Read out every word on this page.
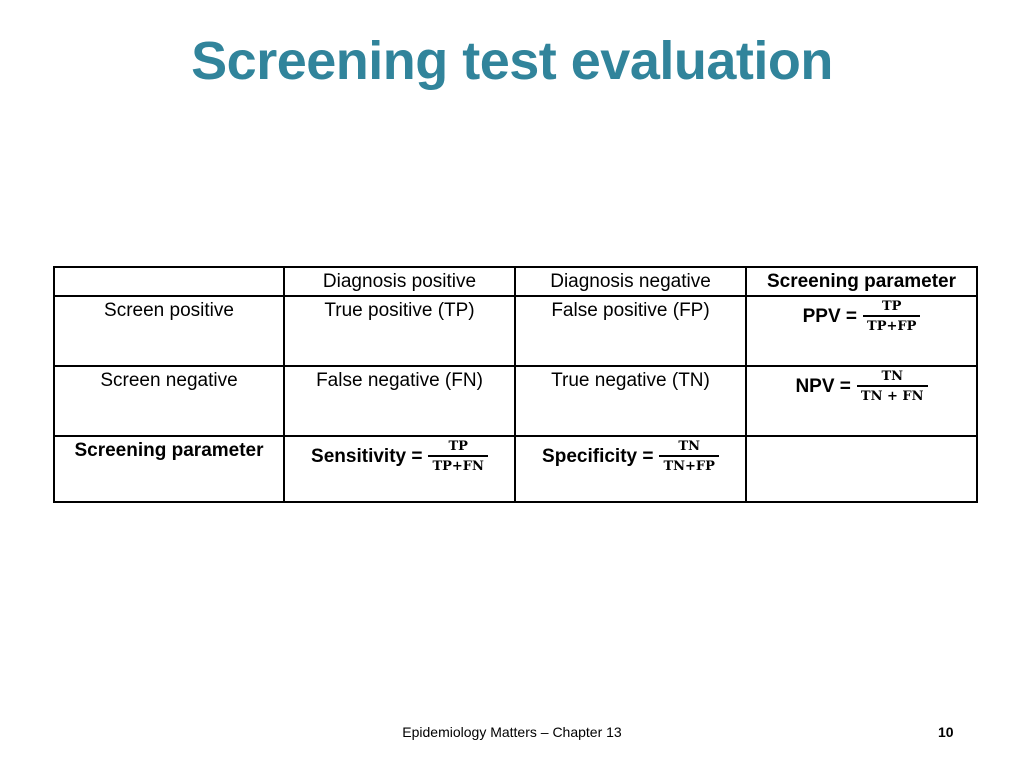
Screening test evaluation
	Diagnosis positive	Diagnosis negative	Screening parameter
Screen positive	True positive (TP)	False positive (FP)	PPV = $\frac{TP}{TP+FP}$

Screen negative	False negative (FN)	True negative (TN)	NPV = $\frac{TN}{TN + FN}$

Screening parameter	Sensitivity = $\frac{TP}{TP+FN}$	Specificity = $\frac{TN}{TN+FP}$

Epidemiology Matters – Chapter 13	10
